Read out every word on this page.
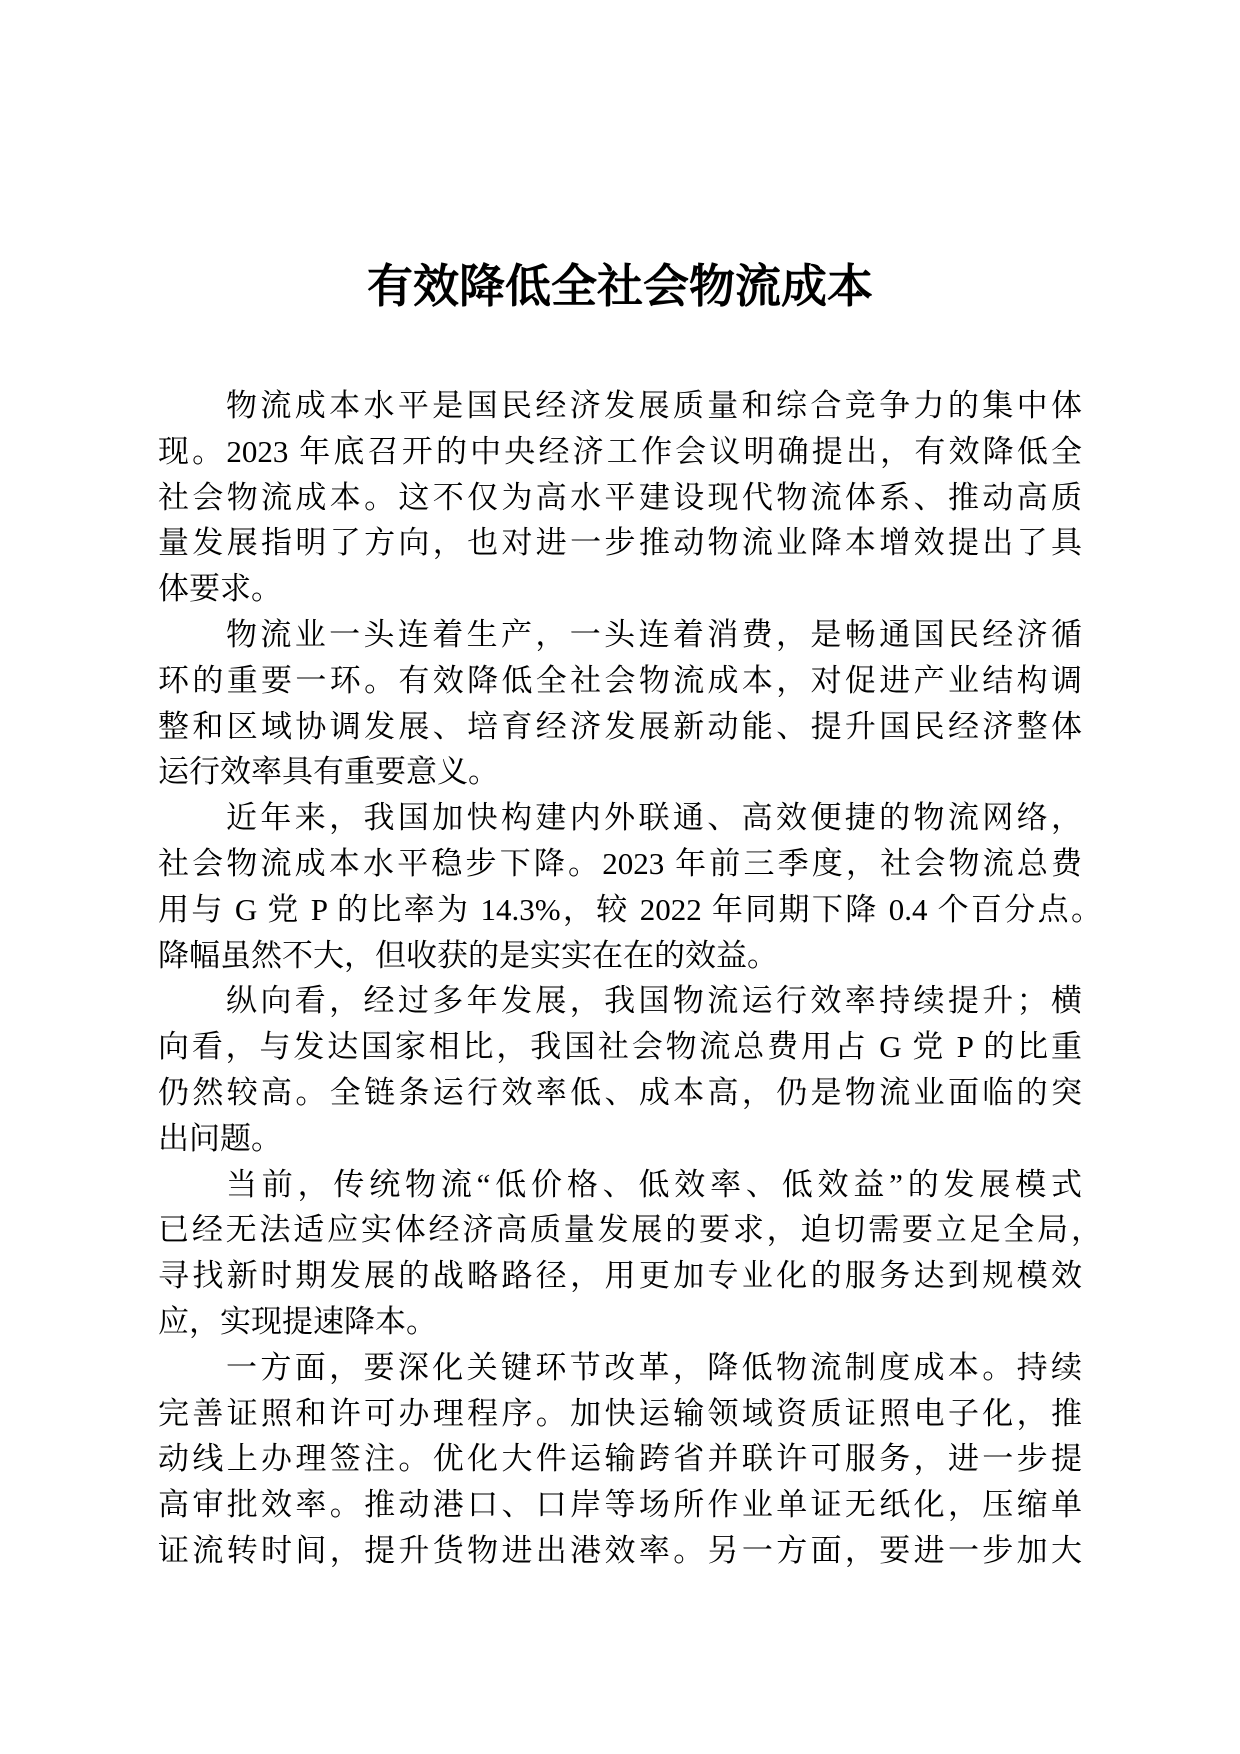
有效降低全社会物流成本
物流成本水平是国民经济发展质量和综合竞争力的集中体
现。2023 年底召开的中央经济工作会议明确提出，有效降低全
社会物流成本。这不仅为高水平建设现代物流体系、推动高质
量发展指明了方向，也对进一步推动物流业降本增效提出了具
体要求。
物流业一头连着生产，一头连着消费，是畅通国民经济循
环的重要一环。有效降低全社会物流成本，对促进产业结构调
整和区域协调发展、培育经济发展新动能、提升国民经济整体
运行效率具有重要意义。
近年来，我国加快构建内外联通、高效便捷的物流网络，
社会物流成本水平稳步下降。2023 年前三季度，社会物流总费
用与 G 党 P 的比率为 14.3%，较 2022 年同期下降 0.4 个百分点。
降幅虽然不大，但收获的是实实在在的效益。
纵向看，经过多年发展，我国物流运行效率持续提升；横
向看，与发达国家相比，我国社会物流总费用占 G 党 P 的比重
仍然较高。全链条运行效率低、成本高，仍是物流业面临的突
出问题。
当前，传统物流“低价格、低效率、低效益”的发展模式
已经无法适应实体经济高质量发展的要求，迫切需要立足全局，
寻找新时期发展的战略路径，用更加专业化的服务达到规模效
应，实现提速降本。
一方面，要深化关键环节改革，降低物流制度成本。持续
完善证照和许可办理程序。加快运输领域资质证照电子化，推
动线上办理签注。优化大件运输跨省并联许可服务，进一步提
高审批效率。推动港口、口岸等场所作业单证无纸化，压缩单
证流转时间，提升货物进出港效率。另一方面，要进一步加大
